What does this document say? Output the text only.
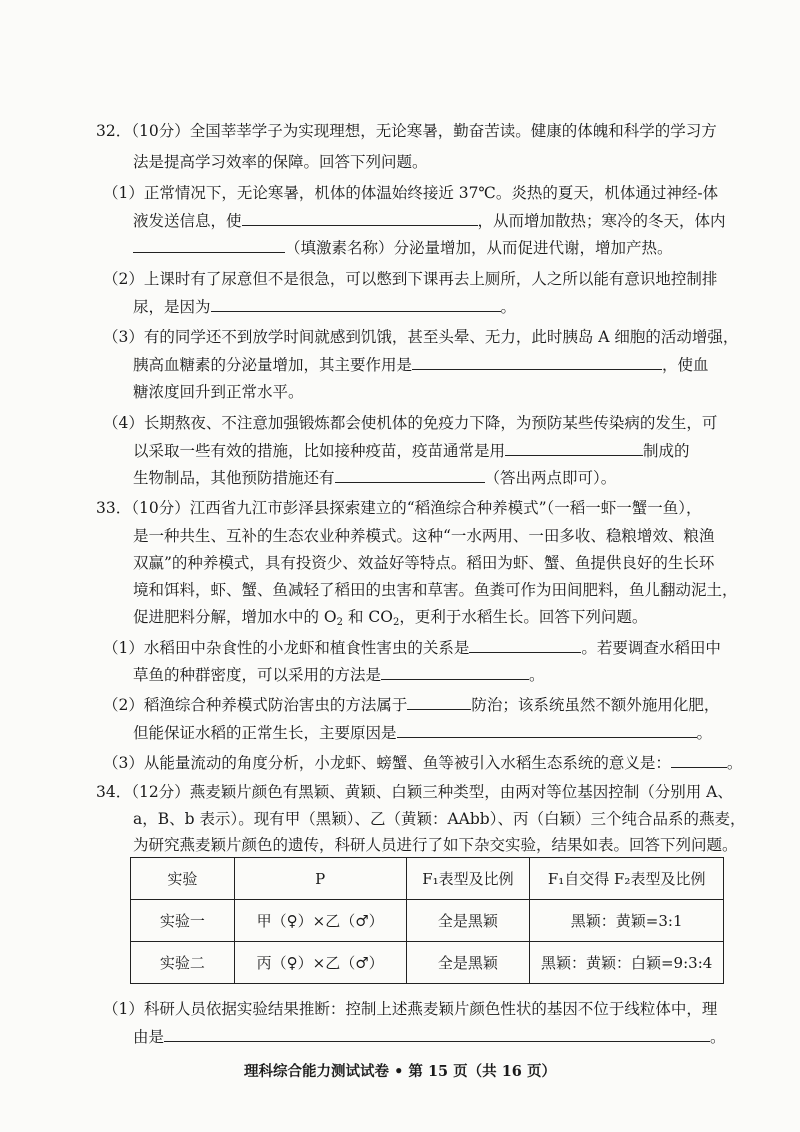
32．（10分）全国莘莘学子为实现理想，无论寒暑，勤奋苦读。健康的体魄和科学的学习方
法是提高学习效率的保障。回答下列问题。
（1）正常情况下，无论寒暑，机体的体温始终接近 37℃。炎热的夏天，机体通过神经-体
液发送信息，使	，从而增加散热；寒冷的冬天，体内
（填激素名称）分泌量增加，从而促进代谢，增加产热。
（2）上课时有了尿意但不是很急，可以憋到下课再去上厕所，人之所以能有意识地控制排
尿，是因为	。
（3）有的同学还不到放学时间就感到饥饿，甚至头晕、无力，此时胰岛 A 细胞的活动增强，
胰高血糖素的分泌量增加，其主要作用是	，使血
糖浓度回升到正常水平。
（4）长期熬夜、不注意加强锻炼都会使机体的免疫力下降，为预防某些传染病的发生，可
以采取一些有效的措施，比如接种疫苗，疫苗通常是用	制成的
生物制品，其他预防措施还有	（答出两点即可）。
33．（10分）江西省九江市彭泽县探索建立的“稻渔综合种养模式”（一稻一虾一蟹一鱼），
是一种共生、互补的生态农业种养模式。这种“一水两用、一田多收、稳粮增效、粮渔
双赢”的种养模式，具有投资少、效益好等特点。稻田为虾、蟹、鱼提供良好的生长环
境和饵料，虾、蟹、鱼减轻了稻田的虫害和草害。鱼粪可作为田间肥料，鱼儿翻动泥土，
促进肥料分解，增加水中的 $O_2$ 和 $CO_2$，更利于水稻生长。回答下列问题。
（1）水稻田中杂食性的小龙虾和植食性害虫的关系是	。若要调查水稻田中
草鱼的种群密度，可以采用的方法是	。
（2）稻渔综合种养模式防治害虫的方法属于	防治；该系统虽然不额外施用化肥，
但能保证水稻的正常生长，主要原因是	。
（3）从能量流动的角度分析，小龙虾、螃蟹、鱼等被引入水稻生态系统的意义是：	。
34．（12分）燕麦颖片颜色有黑颖、黄颖、白颖三种类型，由两对等位基因控制（分别用 A、
a，B、b 表示）。现有甲（黑颖）、乙（黄颖：AAbb）、丙（白颖）三个纯合品系的燕麦，
为研究燕麦颖片颜色的遗传，科研人员进行了如下杂交实验，结果如表。回答下列问题。
实验	P	F₁表型及比例	F₁自交得 F₂表型及比例
实验一	甲（♀）×乙（♂）	全是黑颖	黑颖：黄颖=3:1
实验二	丙（♀）×乙（♂）	全是黑颖	黑颖：黄颖：白颖=9:3:4
（1）科研人员依据实验结果推断：控制上述燕麦颖片颜色性状的基因不位于线粒体中，理
由是	。
理科综合能力测试试卷 • 第 15 页（共 16 页）
